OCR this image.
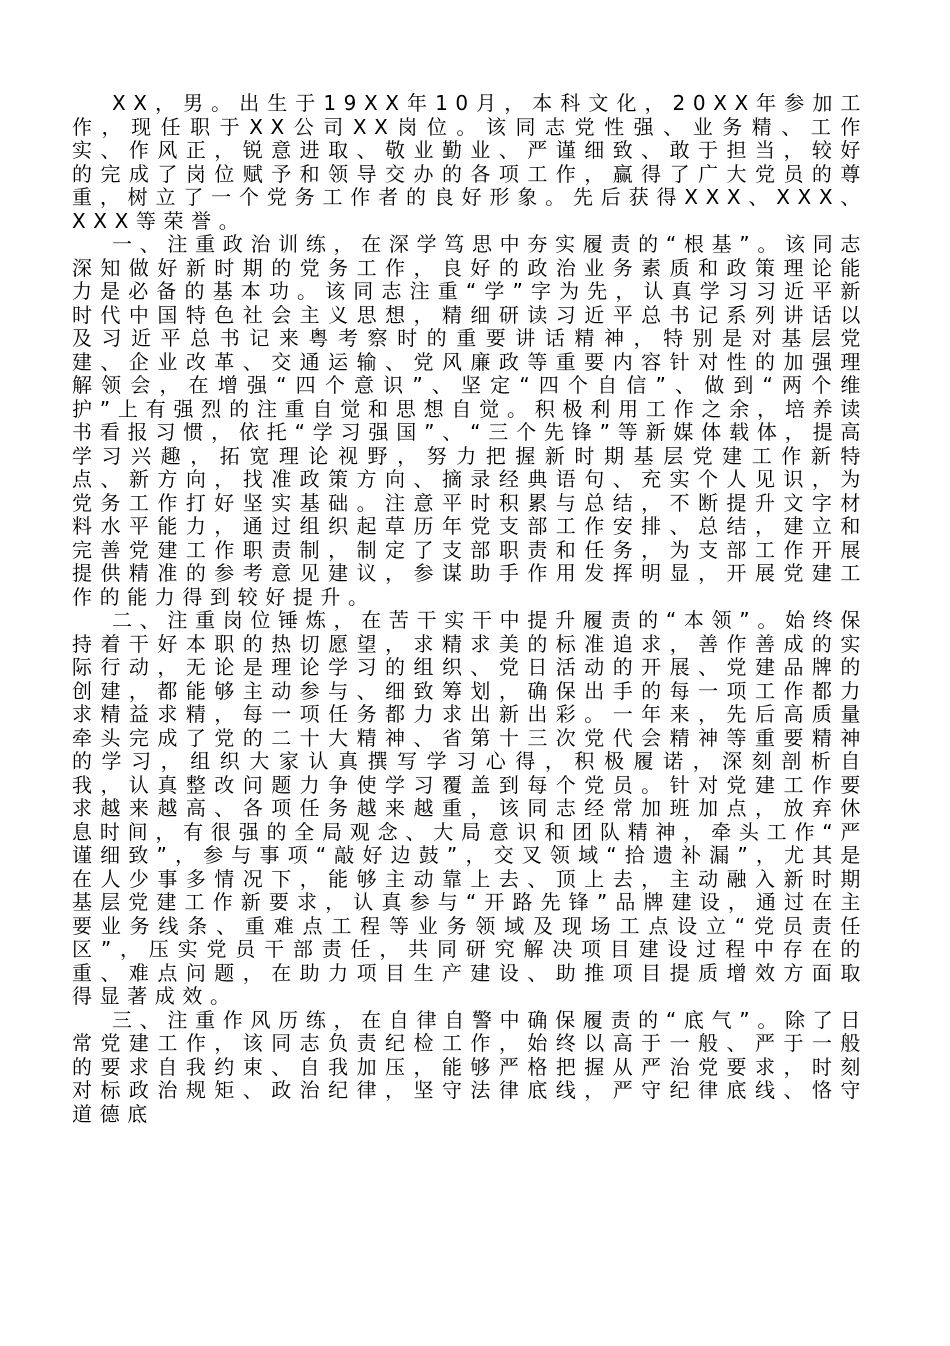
XX，男。出生于19XX年10月，本科文化，20XX年参加工作，现任职于XX公司XX岗位。该同志党性强、业务精、工作实、作风正，锐意进取、敬业勤业、严谨细致、敢于担当，较好的完成了岗位赋予和领导交办的各项工作，赢得了广大党员的尊重，树立了一个党务工作者的良好形象。先后获得XXX、XXX、XXX等荣誉。

一、注重政治训练，在深学笃思中夯实履责的“根基”。该同志深知做好新时期的党务工作，良好的政治业务素质和政策理论能力是必备的基本功。该同志注重“学”字为先，认真学习习近平新时代中国特色社会主义思想，精细研读习近平总书记系列讲话以及习近平总书记来粤考察时的重要讲话精神，特别是对基层党建、企业改革、交通运输、党风廉政等重要内容针对性的加强理解领会，在增强“四个意识”、坚定“四个自信”、做到“两个维护”上有强烈的注重自觉和思想自觉。积极利用工作之余，培养读书看报习惯，依托“学习强国”、“三个先锋”等新媒体载体，提高学习兴趣，拓宽理论视野，努力把握新时期基层党建工作新特点、新方向，找准政策方向、摘录经典语句、充实个人见识，为党务工作打好坚实基础。注意平时积累与总结，不断提升文字材料水平能力，通过组织起草历年党支部工作安排、总结，建立和完善党建工作职责制，制定了支部职责和任务，为支部工作开展提供精准的参考意见建议，参谋助手作用发挥明显，开展党建工作的能力得到较好提升。

二、注重岗位锤炼，在苦干实干中提升履责的“本领”。始终保持着干好本职的热切愿望，求精求美的标准追求，善作善成的实际行动，无论是理论学习的组织、党日活动的开展、党建品牌的创建，都能够主动参与、细致筹划，确保出手的每一项工作都力求精益求精，每一项任务都力求出新出彩。一年来，先后高质量牵头完成了党的二十大精神、省第十三次党代会精神等重要精神的学习，组织大家认真撰写学习心得，积极履诺，深刻剖析自我，认真整改问题力争使学习覆盖到每个党员。针对党建工作要求越来越高、各项任务越来越重，该同志经常加班加点，放弃休息时间，有很强的全局观念、大局意识和团队精神，牵头工作“严谨细致”，参与事项“敲好边鼓”，交叉领域“拾遗补漏”，尤其是在人少事多情况下，能够主动靠上去、顶上去，主动融入新时期基层党建工作新要求，认真参与“开路先锋”品牌建设，通过在主要业务线条、重难点工程等业务领域及现场工点设立“党员责任区”，压实党员干部责任，共同研究解决项目建设过程中存在的重、难点问题，在助力项目生产建设、助推项目提质增效方面取得显著成效。

三、注重作风历练，在自律自警中确保履责的“底气”。除了日常党建工作，该同志负责纪检工作，始终以高于一般、严于一般的要求自我约束、自我加压，能够严格把握从严治党要求，时刻对标政治规矩、政治纪律，坚守法律底线，严守纪律底线、恪守道德底
